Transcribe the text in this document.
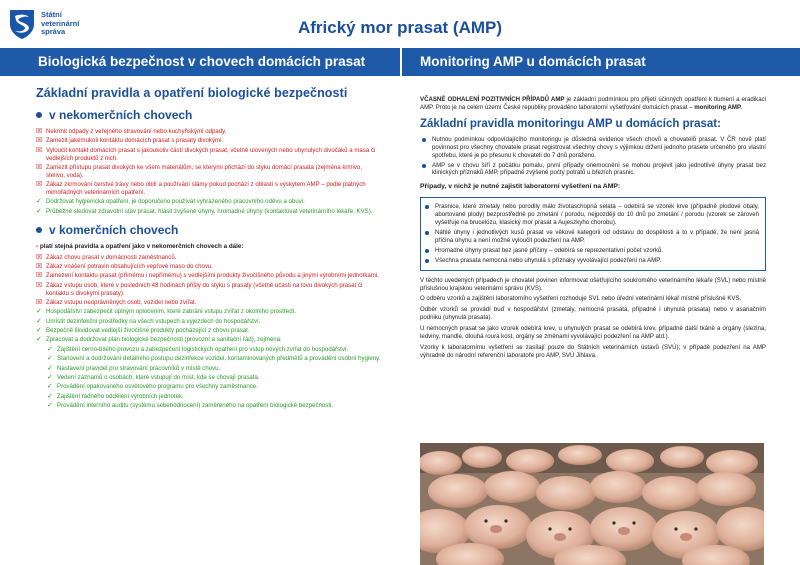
Státní
veterinární
správa	Africký mor prasat (AMP)
Biologická bezpečnost v chovech domácích prasat	Monitoring AMP u domácích prasat
Základní pravidla a opatření biologické bezpečnosti
v nekomerčních chovech
☒ Nekrmit odpady z veřejného stravování nebo kuchyňskými odpady.
☒ Zamezit jakémukoli kontaktu domácích prasat s prasaty divokými.
☒ Vyloučit kontakt domácích prasat s jakoukoliv částí divokých prasat, včetně ulovených nebo uhynulých divočáků a masa či vedlejších produktů z nich.
☒ Zamezit přístupu prasat divokých ke všem materiálům, se kterými přichází do styku domácí prasata (zejména krmivo, stelivo, voda).
☒ Zákaz zkrmování čerstvé trávy nebo obilí a používání slámy pokud pochází z oblastí s výskytem AMP – podle platných mimořádných veterinárních opatření.
✓ Dodržovat hygienická opatření, je doporučeno používat vyhrazeného pracovního oděvu a obuvi.
✓ Průběžně sledovat zdravotní stav prasat, hlásit zvýšené úhyny, hromadné úhyny (kontaktovat veterinárního lékaře, KVS).
v komerčních chovech
- platí stejná pravidla a opatření jako v nekomerčních chovech a dále:
☒ Zákaz chovu prasat v domácnosti zaměstnanců.
☒ Zákaz vnášení potravin obsahujících vepřové maso do chovu.
☒ Zamezení kontaktu prasat (přímému i nepřímému) s vedlejšími produkty živočišného původu a jinými výrobními jednotkami.
☒ Zákaz vstupu osob, které v posledních 48 hodinách přišly do styku s prasaty (včetně účasti na lovu divokých prasat či kontaktu s divokými prasaty).
☒ Zákaz vstupu neoprávněných osob, vozidel nebo zvířat.
✓ Hospodářství zabezpečit úplným oplocením, které zabrání vstupu zvířat z okolního prostředí.
✓ Umístit dezinfekční prostředky na všech vstupech a výjezdech do hospodářství.
✓ Bezpečně likvidovat vedlejší živočišné produkty pocházející z chovu prasat.
✓ Zpracovat a dodržovat plán biologické bezpečnosti (provozní a sanitační řád), zejména:
✓ Zajištění černo-bílého provozu a zabezpečení logistických opatření pro vstup nových zvířat do hospodářství.
✓ Stanovení a dodržování detailního postupu dezinfekce vozidel, kontaminovaných předmětů a provádění osobní hygieny.
✓ Nastavení pravidel pro stravování pracovníků v místě chovu.
✓ Vedení záznamů o osobách, které vstupují do míst, kde se chovají prasata.
✓ Provádění opakovaného osvětového programu pro všechny zaměstnance.
✓ Zajištění řádného oddělení výrobních jednotek.
✓ Provádění interního auditu (systému sebehodnocení) zaměřeného na opatření biologické bezpečnosti.

VČASNÉ ODHALENÍ POZITIVNÍCH PŘÍPADŮ AMP je základní podmínkou pro přijetí účinných opatření k tlumení a eradikaci AMP. Proto je na celém území České republiky prováděno laboratorní vyšetřování domácích prasat – monitoring AMP.

Základní pravidla monitoringu AMP u domácích prasat:
Nutnou podmínkou odpovídajícího monitoringu je důsledná evidence všech chovů a chovatelů prasat. V ČR nově platí povinnost pro všechny chovatele prasat registrovat všechny chovy s výjimkou držení jednoho prasete určeného pro vlastní spotřebu, které je po přesunu k chovateli do 7 dnů poraženo.
AMP se v chovu šíří z počátku pomalu, první případy onemocnění se mohou projevit jako jednotlivé úhyny prasat bez klinických příznaků AMP, případně zvýšené počty potratů u březích prasnic.

Případy, v nichž je nutné zajistit laboratorní vyšetření na AMP:

Prasnice, které zmetaly nebo porodily málo životaschopná selata – odebírá se vzorek krve (případně plodové obaly, abortované plody) bezprostředně po zmetání / porodu, nejpozději do 10 dnů po zmetání / porodu (vzorek se zároveň vyšetřuje na brucelózu, klasický mor prasat a Aujeszkyho chorobu).
Náhlé úhyny i jednotlivých kusů prasat ve věkové kategorii od odstavu do dospělosti a to v případě, že není jasná příčina úhynu a není možné vyloučit podezření na AMP.
Hromadné úhyny prasat bez jasné příčiny – odebírá se reprezentativní počet vzorků.
Všechna prasata nemocná nebo uhynulá s příznaky vyvolávající podezření na AMP.

V těchto uvedených případech je chovatel povinen informovat ošetřujícího soukromého veterinárního lékaře (SVL) nebo místně příslušnou krajskou veterinární správu (KVS).

O odběru vzorků a zajištění laboratorního vyšetření rozhoduje SVL nebo úřední veterinární lékař místně příslušné KVS.

Odběr vzorků se provádí buď v hospodářství (zmetaly, nemocná prasata, případně i uhynulá prasata) nebo v asanačním podniku (uhynulá prasata).

U nemocných prasat se jako vzorek odebírá krev, u uhynulých prasat se odebírá krev, případně další tkáně a orgány (slezina, ledviny, mandle, dlouhá roura kost, orgány se změnami vyvolávající podezření na AMP atd.).

Vzorky k laboratornímu vyšetření se zasílají pouze do Státních veterinárních ústavů (SVÚ); v případě podezření na AMP výhradně do národní referenční laboratoře pro AMP, SVÚ Jihlava.
